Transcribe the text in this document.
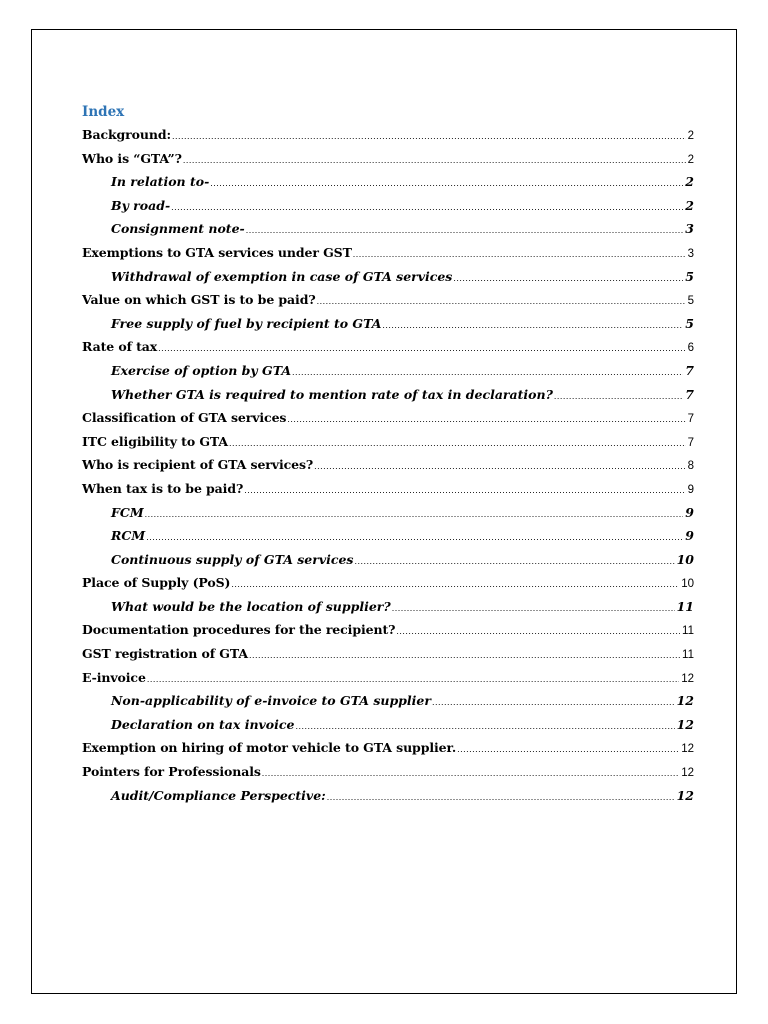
Index
Background: .....	2
Who is “GTA”? .....	2
In relation to- .....	2
By road- .....	2
Consignment note- .....	3
Exemptions to GTA services under GST .....	3
Withdrawal of exemption in case of GTA services .....	5
Value on which GST is to be paid? .....	5
Free supply of fuel by recipient to GTA .....	5
Rate of tax .....	6
Exercise of option by GTA .....	7
Whether GTA is required to mention rate of tax in declaration? .....	7
Classification of GTA services .....	7
ITC eligibility to GTA .....	7
Who is recipient of GTA services? .....	8
When tax is to be paid? .....	9
FCM .....	9
RCM .....	9
Continuous supply of GTA services .....	10
Place of Supply (PoS) .....	10
What would be the location of supplier? .....	11
Documentation procedures for the recipient? .....	11
GST registration of GTA .....	11
E-invoice .....	12
Non-applicability of e-invoice to GTA supplier .....	12
Declaration on tax invoice .....	12
Exemption on hiring of motor vehicle to GTA supplier. .....	12
Pointers for Professionals .....	12
Audit/Compliance Perspective: .....	12
